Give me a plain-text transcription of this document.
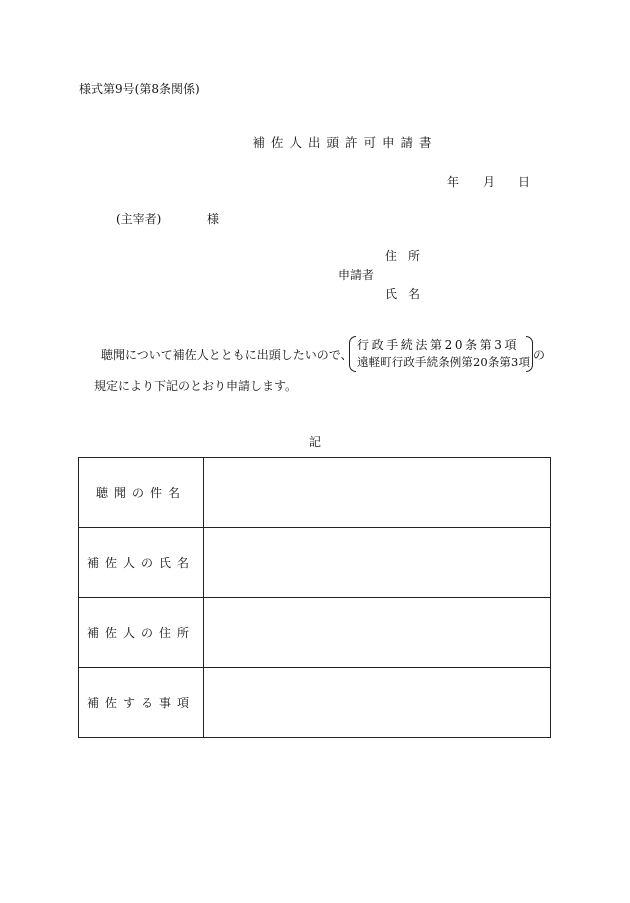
様式第9号(第8条関係)
補佐人出頭許可申請書
年 月 日
(主宰者)	様
住所
申請者
氏名
聴聞について補佐人とともに出頭したいので、
行政手続法第20条第3項
遠軽町行政手続条例第20条第3項 の
規定により下記のとおり申請します。
記
聴聞の件名	
補佐人の氏名	
補佐人の住所	
補佐する事項	
